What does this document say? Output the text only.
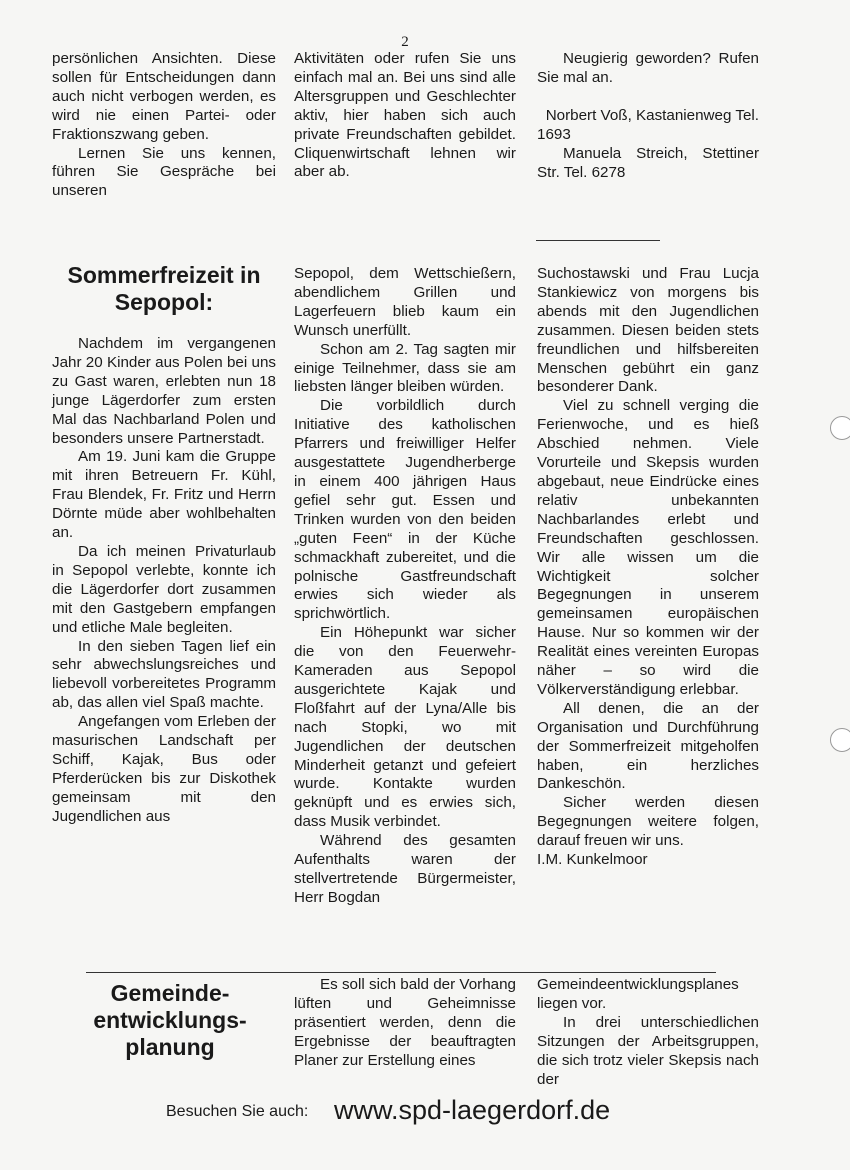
2

persönlichen Ansichten. Diese sollen für Entscheidungen dann auch nicht verbogen werden, es wird nie einen Partei- oder Fraktionszwang geben.

Lernen Sie uns kennen, führen Sie Gespräche bei unseren

Aktivitäten oder rufen Sie uns einfach mal an. Bei uns sind alle Altersgruppen und Geschlechter aktiv, hier haben sich auch private Freundschaften gebildet. Cliquenwirtschaft lehnen wir aber ab.

Neugierig geworden? Rufen Sie mal an.

Norbert Voß, Kastanienweg Tel. 1693

Manuela Streich, Stettiner Str. Tel. 6278

Sommerfreizeit in Sepopol:

Nachdem im vergangenen Jahr 20 Kinder aus Polen bei uns zu Gast waren, erlebten nun 18 junge Lägerdorfer zum ersten Mal das Nachbarland Polen und besonders unsere Partnerstadt.

Am 19. Juni kam die Gruppe mit ihren Betreuern Fr. Kühl, Frau Blendek, Fr. Fritz und Herrn Dörnte müde aber wohlbehalten an.

Da ich meinen Privaturlaub in Sepopol verlebte, konnte ich die Lägerdorfer dort zusammen mit den Gastgebern empfangen und etliche Male begleiten.

In den sieben Tagen lief ein sehr abwechslungsreiches und liebevoll vorbereitetes Programm ab, das allen viel Spaß machte.

Angefangen vom Erleben der masurischen Landschaft per Schiff, Kajak, Bus oder Pferderücken bis zur Diskothek gemeinsam mit den Jugendlichen aus

Sepopol, dem Wettschießern, abendlichem Grillen und Lagerfeuern blieb kaum ein Wunsch unerfüllt.

Schon am 2. Tag sagten mir einige Teilnehmer, dass sie am liebsten länger bleiben würden.

Die vorbildlich durch Initiative des katholischen Pfarrers und freiwilliger Helfer ausgestattete Jugendherberge in einem 400 jährigen Haus gefiel sehr gut. Essen und Trinken wurden von den beiden „guten Feen“ in der Küche schmackhaft zubereitet, und die polnische Gastfreundschaft erwies sich wieder als sprichwörtlich.

Ein Höhepunkt war sicher die von den Feuerwehr-Kameraden aus Sepopol ausgerichtete Kajak und Floßfahrt auf der Lyna/Alle bis nach Stopki, wo mit Jugendlichen der deutschen Minderheit getanzt und gefeiert wurde. Kontakte wurden geknüpft und es erwies sich, dass Musik verbindet.

Während des gesamten Aufenthalts waren der stellvertretende Bürgermeister, Herr Bogdan

Suchostawski und Frau Lucja Stankiewicz von morgens bis abends mit den Jugendlichen zusammen. Diesen beiden stets freundlichen und hilfsbereiten Menschen gebührt ein ganz besonderer Dank.

Viel zu schnell verging die Ferienwoche, und es hieß Abschied nehmen. Viele Vorurteile und Skepsis wurden abgebaut, neue Eindrücke eines relativ unbekannten Nachbarlandes erlebt und Freundschaften geschlossen. Wir alle wissen um die Wichtigkeit solcher Begegnungen in unserem gemeinsamen europäischen Hause. Nur so kommen wir der Realität eines vereinten Europas näher – so wird die Völkerverständigung erlebbar.

All denen, die an der Organisation und Durchführung der Sommerfreizeit mitgeholfen haben, ein herzliches Dankeschön.

Sicher werden diesen Begegnungen weitere folgen, darauf freuen wir uns.

I.M. Kunkelmoor

Gemeinde-entwicklungs-planung

Es soll sich bald der Vorhang lüften und Geheimnisse präsentiert werden, denn die Ergebnisse der beauftragten Planer zur Erstellung eines

Gemeindeentwicklungsplanes liegen vor.

In drei unterschiedlichen Sitzungen der Arbeitsgruppen, die sich trotz vieler Skepsis nach der

Besuchen Sie auch: www.spd-laegerdorf.de
